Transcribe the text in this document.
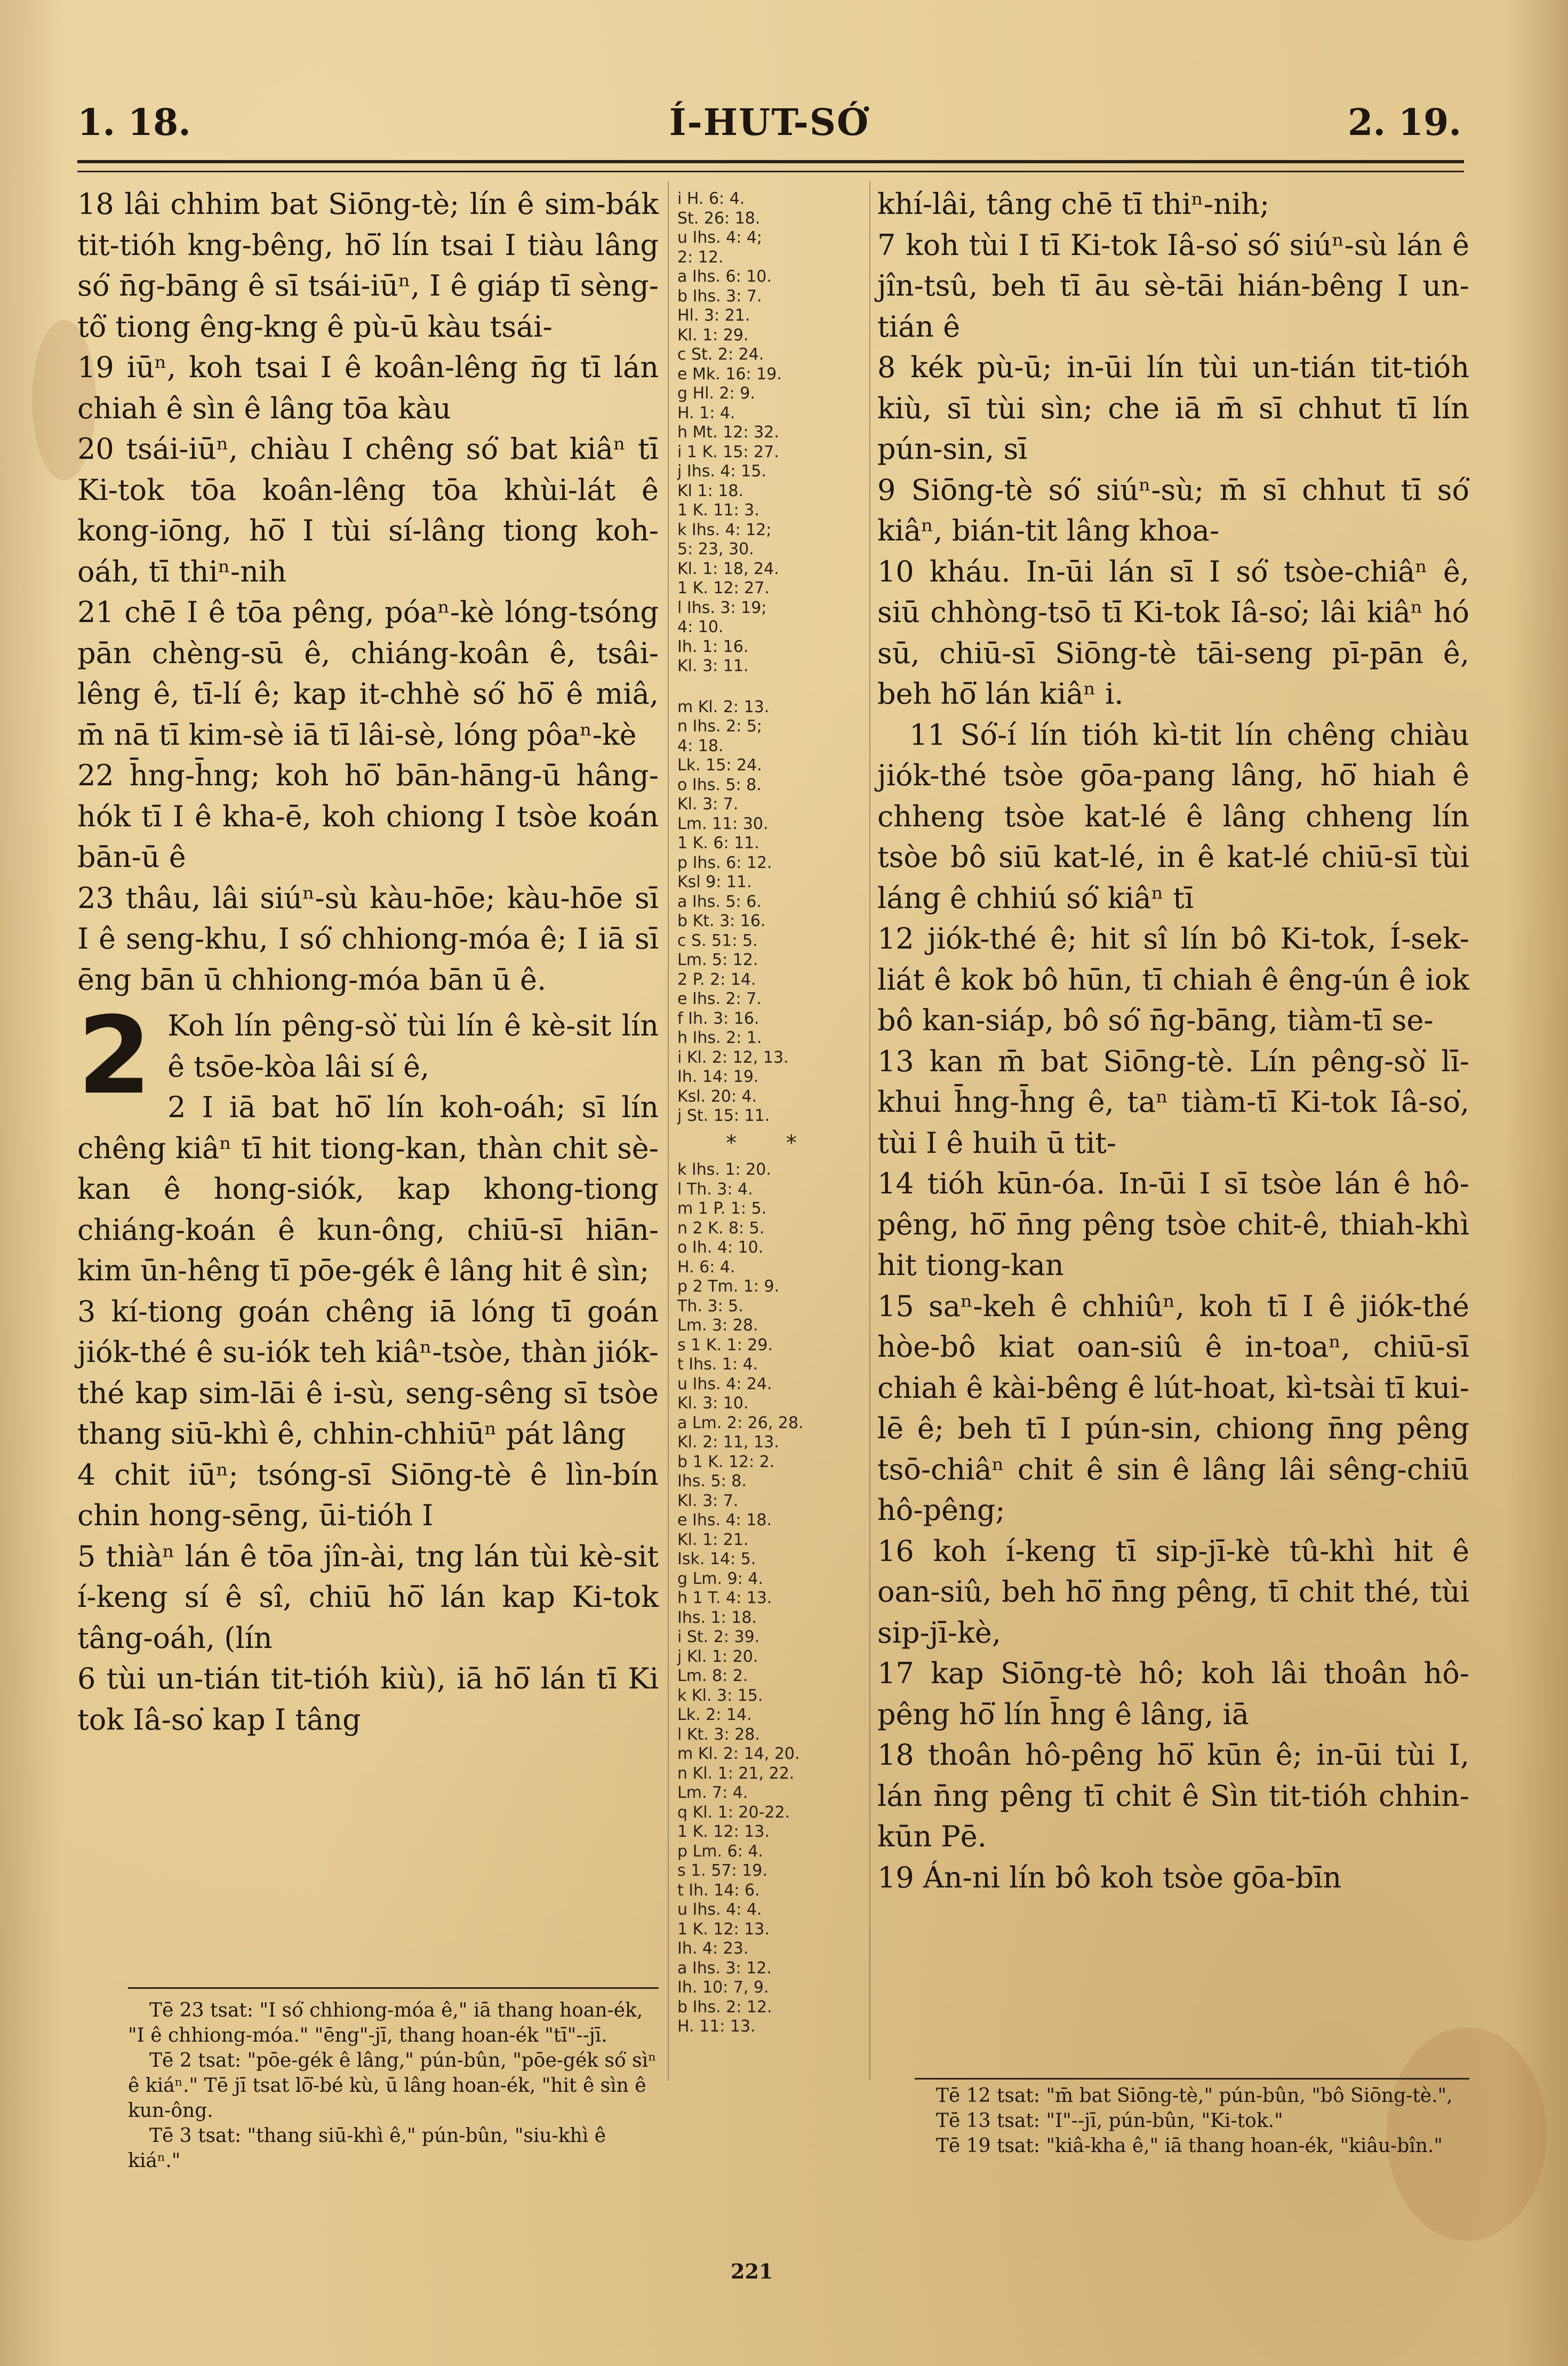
1. 18.	Í-HUT-SÓ͘	2. 19.

18 lâi chhim bat Siōng-tè; lín ê sim-bák tit-tióh kng-bêng, hō͘ lín tsai I tiàu lâng só͘ n̄g-bāng ê sī tsái-iūⁿ, I ê giáp tī sèng-tô͘ tiong êng-kng ê pù-ū kàu tsái-

19 iūⁿ, koh tsai I ê koân-lêng n̄g tī lán chiah ê sìn ê lâng tōa kàu

20 tsái-iūⁿ, chiàu I chêng só͘ bat kiâⁿ tī Ki-tok tōa koân-lêng tōa khùi-lát ê kong-iōng, hō͘ I tùi sí-lâng tiong koh-oáh, tī thiⁿ-nih

21 chē I ê tōa pêng, póaⁿ-kè lóng-tsóng pān chèng-sū ê, chiáng-koân ê, tsâi-lêng ê, tī-lí ê; kap it-chhè só͘ hō͘ ê miâ, m̄ nā tī kim-sè iā tī lâi-sè, lóng pôaⁿ-kè

22 h̄ng-h̄ng; koh hō͘ bān-hāng-ū hâng-hók tī I ê kha-ē, koh chiong I tsòe koán bān-ū ê

23 thâu, lâi siúⁿ-sù kàu-hōe; kàu-hōe sī I ê seng-khu, I só͘ chhiong-móa ê; I iā sī ēng bān ū chhiong-móa bān ū ê.

2 Koh lín pêng-sò͘ tùi lín ê kè-sit lín ê tsōe-kòa lâi sí ê,

2 I iā bat hō͘ lín koh-oáh; sī lín chêng kiâⁿ tī hit tiong-kan, thàn chit sè-kan ê hong-siók, kap khong-tiong chiáng-koán ê kun-ông, chiū-sī hiān-kim ūn-hêng tī pōe-gék ê lâng hit ê sìn;

3 kí-tiong goán chêng iā lóng tī goán jiók-thé ê su-iók teh kiâⁿ-tsòe, thàn jiók-thé kap sim-lāi ê i-sù, seng-sêng sī tsòe thang siū-khì ê, chhin-chhiūⁿ pát lâng

4 chit iūⁿ; tsóng-sī Siōng-tè ê lìn-bín chin hong-sēng, ūi-tióh I

5 thiàⁿ lán ê tōa jîn-ài, tng lán tùi kè-sit í-keng sí ê sî, chiū hō͘ lán kap Ki-tok tâng-oáh, (lín

6 tùi un-tián tit-tióh kiù), iā hō͘ lán tī Ki tok Iâ-so͘ kap I tâng

i H. 6: 4.
St. 26: 18.
u Ihs. 4: 4;
2: 12.
a Ihs. 6: 10.
b Ihs. 3: 7.
Hl. 3: 21.
Kl. 1: 29.
c St. 2: 24.
e Mk. 16: 19.
g Hl. 2: 9.
H. 1: 4.
h Mt. 12: 32.
i 1 K. 15: 27.
j Ihs. 4: 15.
Kl 1: 18.
1 K. 11: 3.
k Ihs. 4: 12;
5: 23, 30.
Kl. 1: 18, 24.
1 K. 12: 27.
l Ihs. 3: 19;
4: 10.
Ih. 1: 16.
Kl. 3: 11.
m Kl. 2: 13.
n Ihs. 2: 5;
4: 18.
Lk. 15: 24.
o Ihs. 5: 8.
Kl. 3: 7.
Lm. 11: 30.
1 K. 6: 11.
p Ihs. 6: 12.
Ksl 9: 11.
a Ihs. 5: 6.
b Kt. 3: 16.
c S. 51: 5.
Lm. 5: 12.
2 P. 2: 14.
e Ihs. 2: 7.
f Ih. 3: 16.
h Ihs. 2: 1.
i Kl. 2: 12, 13.
Ih. 14: 19.
Ksl. 20: 4.
j St. 15: 11.
* *
k Ihs. 1: 20.
l Th. 3: 4.
m 1 P. 1: 5.
n 2 K. 8: 5.
o Ih. 4: 10.
H. 6: 4.
p 2 Tm. 1: 9.
Th. 3: 5.
Lm. 3: 28.
s 1 K. 1: 29.
t Ihs. 1: 4.
u Ihs. 4: 24.
Kl. 3: 10.
a Lm. 2: 26, 28.
Kl. 2: 11, 13.
b 1 K. 12: 2.
Ihs. 5: 8.
Kl. 3: 7.
e Ihs. 4: 18.
Kl. 1: 21.
Isk. 14: 5.
g Lm. 9: 4.
h 1 T. 4: 13.
Ihs. 1: 18.
i St. 2: 39.
j Kl. 1: 20.
Lm. 8: 2.
k Kl. 3: 15.
Lk. 2: 14.
l Kt. 3: 28.
m Kl. 2: 14, 20.
n Kl. 1: 21, 22.
Lm. 7: 4.
q Kl. 1: 20-22.
1 K. 12: 13.
p Lm. 6: 4.
s 1. 57: 19.
t Ih. 14: 6.
u Ihs. 4: 4.
1 K. 12: 13.
Ih. 4: 23.
a Ihs. 3: 12.
Ih. 10: 7, 9.
b Ihs. 2: 12.
H. 11: 13.

khí-lâi, tâng chē tī thiⁿ-nih;

7 koh tùi I tī Ki-tok Iâ-so͘ só͘ siúⁿ-sù lán ê jîn-tsû, beh tī āu sè-tāi hián-bêng I un-tián ê

8 kék pù-ū; in-ūi lín tùi un-tián tit-tióh kiù, sī tùi sìn; che iā m̄ sī chhut tī lín pún-sin, sī

9 Siōng-tè só͘ siúⁿ-sù; m̄ sī chhut tī só͘ kiâⁿ, bián-tit lâng khoa-

10 kháu. In-ūi lán sī I só͘ tsòe-chiâⁿ ê, siū chhòng-tsō tī Ki-tok Iâ-so͘; lâi kiâⁿ hó sū, chiū-sī Siōng-tè tāi-seng pī-pān ê, beh hō͘ lán kiâⁿ i.

11 Só͘-í lín tióh kì-tit lín chêng chiàu jiók-thé tsòe gōa-pang lâng, hō͘ hiah ê chheng tsòe kat-lé ê lâng chheng lín tsòe bô siū kat-lé, in ê kat-lé chiū-sī tùi láng ê chhiú só͘ kiâⁿ tī

12 jiók-thé ê; hit sî lín bô Ki-tok, Í-sek-liát ê kok bô hūn, tī chiah ê êng-ún ê iok bô kan-siáp, bô só͘ n̄g-bāng, tiàm-tī se-

13 kan m̄ bat Siōng-tè. Lín pêng-sò͘ lī-khui h̄ng-h̄ng ê, taⁿ tiàm-tī Ki-tok Iâ-so͘, tùi I ê huih ū tit-

14 tióh kūn-óa. In-ūi I sī tsòe lán ê hô-pêng, hō͘ n̄ng pêng tsòe chit-ê, thiah-khì hit tiong-kan

15 saⁿ-keh ê chhiûⁿ, koh tī I ê jiók-thé hòe-bô kiat oan-siû ê in-toaⁿ, chiū-sī chiah ê kài-bêng ê lút-hoat, kì-tsài tī kui-lē ê; beh tī I pún-sin, chiong n̄ng pêng tsō-chiâⁿ chit ê sin ê lâng lâi sêng-chiū hô-pêng;

16 koh í-keng tī sip-jī-kè tû-khì hit ê oan-siû, beh hō͘ n̄ng pêng, tī chit thé, tùi sip-jī-kè,

17 kap Siōng-tè hô; koh lâi thoân hô-pêng hō͘ lín h̄ng ê lâng, iā

18 thoân hô-pêng hō͘ kūn ê; in-ūi tùi I, lán n̄ng pêng tī chit ê Sìn tit-tióh chhin-kūn Pē.

19 Án-ni lín bô koh tsòe gōa-bīn

Tē 23 tsat: "I só͘ chhiong-móa ê," iā thang hoan-ék, "I ê chhiong-móa." "ēng"-jī, thang hoan-ék "tī"--jī.
Tē 2 tsat: "pōe-gék ê lâng," pún-bûn, "pōe-gék só͘ sìⁿ ê kiáⁿ." Tē jī tsat lō͘-bé kù, ū lâng hoan-ék, "hit ê sìn ê kun-ông.
Tē 3 tsat: "thang siū-khì ê," pún-bûn, "siu-khì ê kiáⁿ."
Tē 12 tsat: "m̄ bat Siōng-tè," pún-bûn, "bô Siōng-tè.",
Tē 13 tsat: "I"--jī, pún-bûn, "Ki-tok."
Tē 19 tsat: "kiâ-kha ê," iā thang hoan-ék, "kiâu-bîn."
221
